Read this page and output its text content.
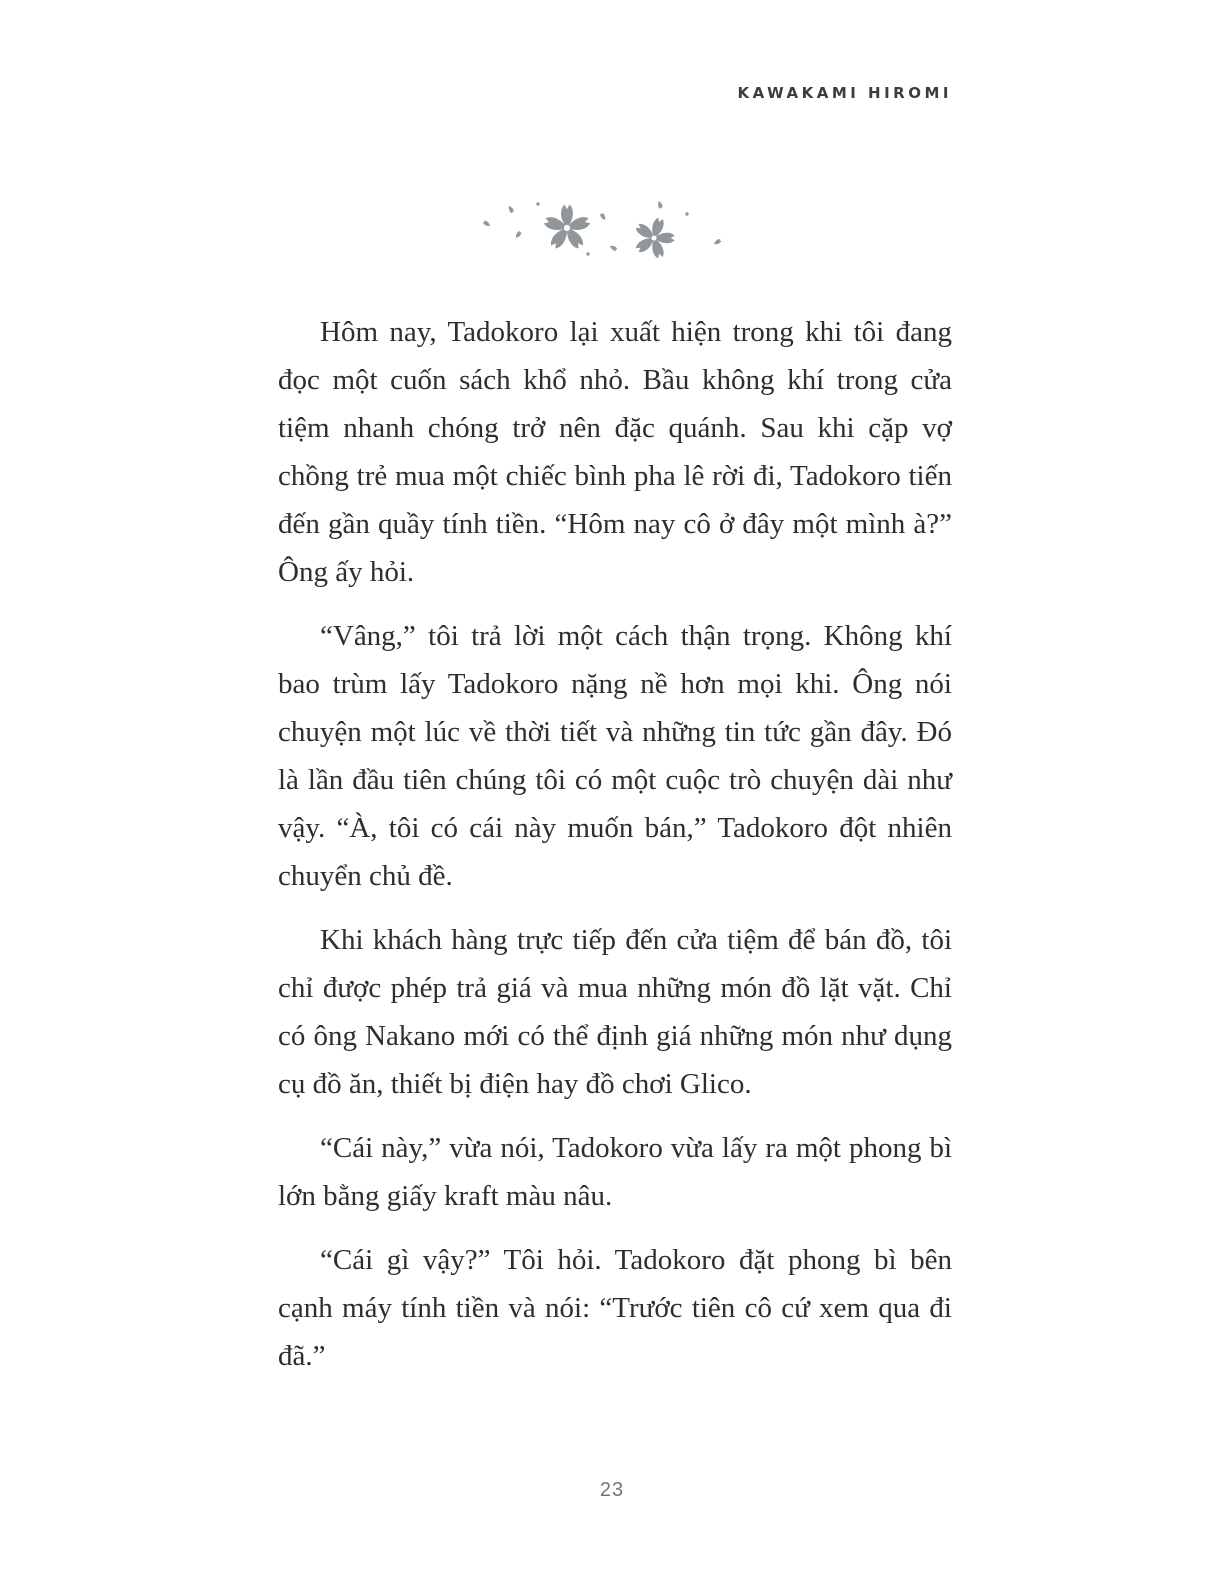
KAWAKAMI HIROMI

Hôm nay, Tadokoro lại xuất hiện trong khi tôi đang đọc một cuốn sách khổ nhỏ. Bầu không khí trong cửa tiệm nhanh chóng trở nên đặc quánh. Sau khi cặp vợ chồng trẻ mua một chiếc bình pha lê rời đi, Tadokoro tiến đến gần quầy tính tiền. “Hôm nay cô ở đây một mình à?” Ông ấy hỏi.

“Vâng,” tôi trả lời một cách thận trọng. Không khí bao trùm lấy Tadokoro nặng nề hơn mọi khi. Ông nói chuyện một lúc về thời tiết và những tin tức gần đây. Đó là lần đầu tiên chúng tôi có một cuộc trò chuyện dài như vậy. “À, tôi có cái này muốn bán,” Tadokoro đột nhiên chuyển chủ đề.

Khi khách hàng trực tiếp đến cửa tiệm để bán đồ, tôi chỉ được phép trả giá và mua những món đồ lặt vặt. Chỉ có ông Nakano mới có thể định giá những món như dụng cụ đồ ăn, thiết bị điện hay đồ chơi Glico.

“Cái này,” vừa nói, Tadokoro vừa lấy ra một phong bì lớn bằng giấy kraft màu nâu.

“Cái gì vậy?” Tôi hỏi. Tadokoro đặt phong bì bên cạnh máy tính tiền và nói: “Trước tiên cô cứ xem qua đi đã.”

23
